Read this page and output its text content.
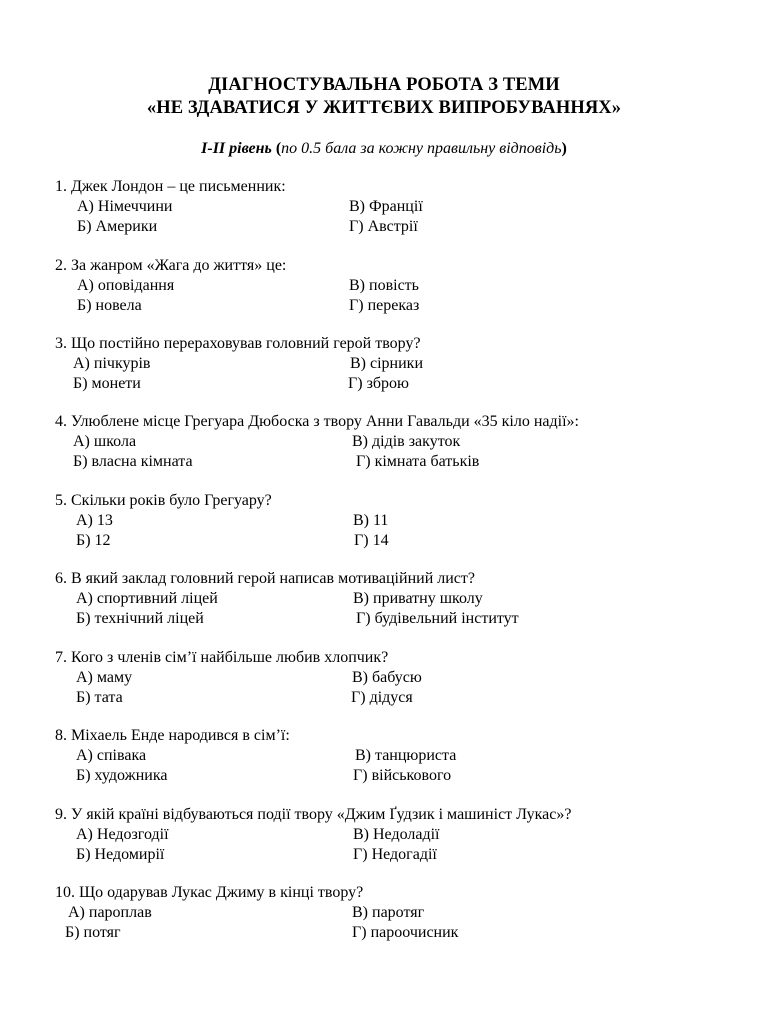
ДІАГНОСТУВАЛЬНА РОБОТА З ТЕМИ
«НЕ ЗДАВАТИСЯ У ЖИТТЄВИХ ВИПРОБУВАННЯХ»
І-ІІ рівень (по 0.5 бала за кожну правильну відповідь)
1. Джек Лондон – це письменник:
А) Німеччини	В) Франції
Б) Америки	Г) Австрії
2. За жанром «Жага до життя» це:
А) оповідання	В) повість
Б) новела	Г) переказ
3. Що постійно перераховував головний герой твору?
А) пічкурів	В) сірники
Б) монети	Г) зброю
4. Улюблене місце Грегуара Дюбоска з твору Анни Гавальди «35 кіло надії»:
А) школа	В) дідів закуток
Б) власна кімната	Г) кімната батьків
5. Скільки років було Грегуару?
А) 13	В) 11
Б) 12	Г) 14
6. В який заклад головний герой написав мотиваційний лист?
А) спортивний ліцей	В) приватну школу
Б) технічний ліцей	Г) будівельний інститут
7. Кого з членів сім’ї найбільше любив хлопчик?
А) маму	В) бабусю
Б) тата	Г) дідуся
8. Міхаель Енде народився в сім’ї:
А) співака	В) танцюриста
Б) художника	Г) військового
9. У якій країні відбуваються події твору «Джим Ґудзик і машиніст Лукас»?
А) Недозгодії	В) Недоладії
Б) Недомирії	Г) Недогадії
10. Що одарував Лукас Джиму в кінці твору?
А) пароплав	В) паротяг
Б) потяг	Г) пароочисник
